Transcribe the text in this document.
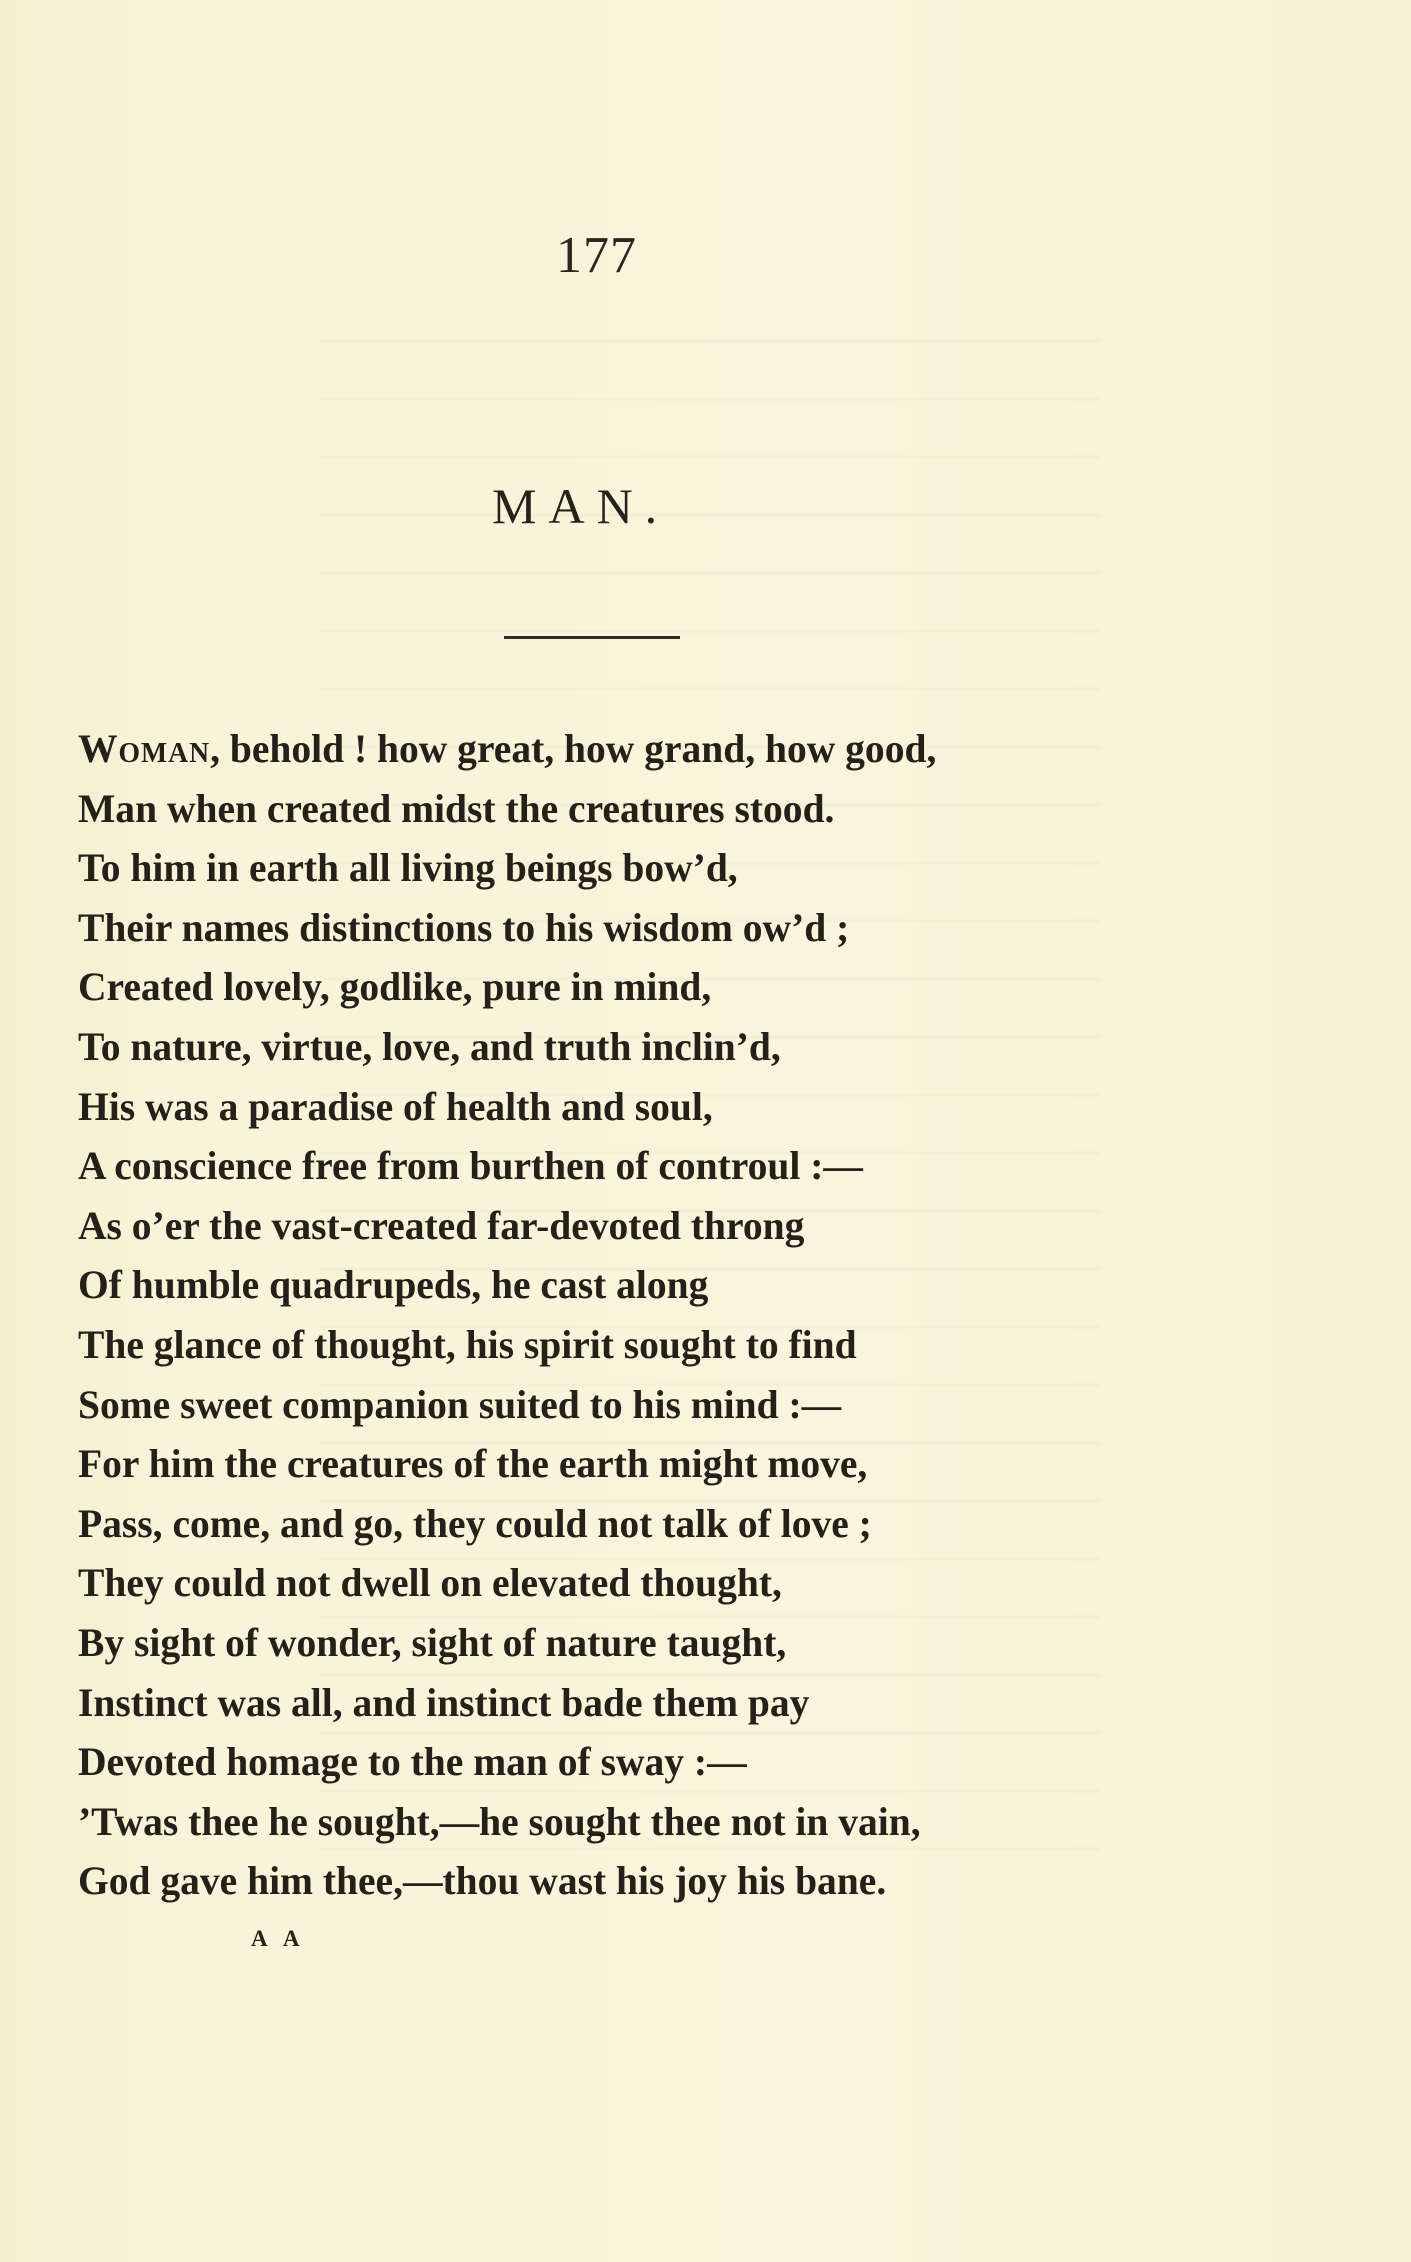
177
MAN.
Woman, behold ! how great, how grand, how good,
Man when created midst the creatures stood.
To him in earth all living beings bow’d,
Their names distinctions to his wisdom ow’d ;
Created lovely, godlike, pure in mind,
To nature, virtue, love, and truth inclin’d,
His was a paradise of health and soul,
A conscience free from burthen of controul :—
As o’er the vast-created far-devoted throng
Of humble quadrupeds, he cast along
The glance of thought, his spirit sought to find
Some sweet companion suited to his mind :—
For him the creatures of the earth might move,
Pass, come, and go, they could not talk of love ;
They could not dwell on elevated thought,
By sight of wonder, sight of nature taught,
Instinct was all, and instinct bade them pay
Devoted homage to the man of sway :—
’Twas thee he sought,—he sought thee not in vain,
God gave him thee,—thou wast his joy his bane.
A A
